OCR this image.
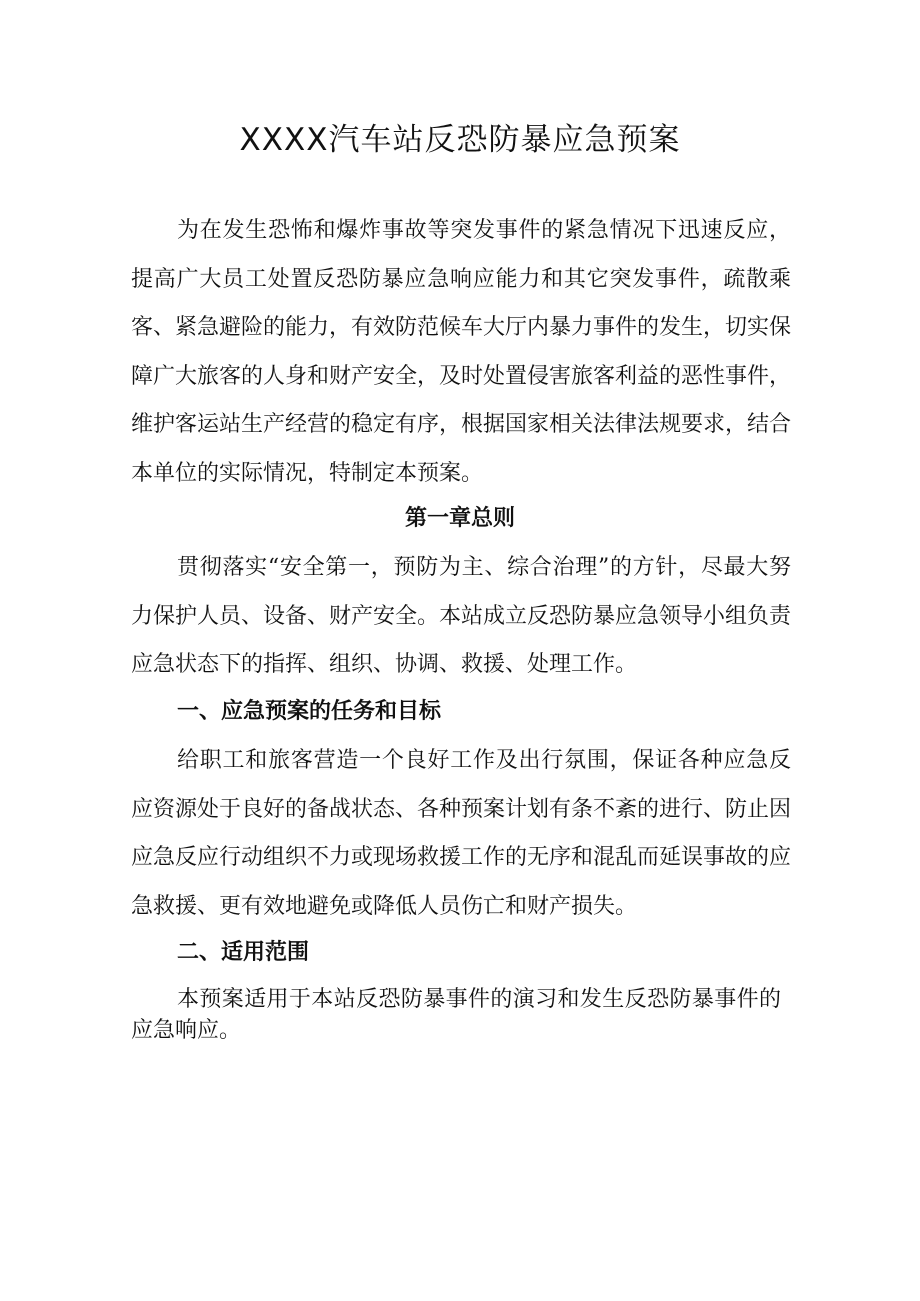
XXXX汽车站反恐防暴应急预案

为在发生恐怖和爆炸事故等突发事件的紧急情况下迅速反应，提高广大员工处置反恐防暴应急响应能力和其它突发事件，疏散乘客、紧急避险的能力，有效防范候车大厅内暴力事件的发生，切实保障广大旅客的人身和财产安全，及时处置侵害旅客利益的恶性事件，维护客运站生产经营的稳定有序，根据国家相关法律法规要求，结合本单位的实际情况，特制定本预案。

第一章总则

贯彻落实“安全第一，预防为主、综合治理”的方针，尽最大努力保护人员、设备、财产安全。本站成立反恐防暴应急领导小组负责应急状态下的指挥、组织、协调、救援、处理工作。

一、应急预案的任务和目标

给职工和旅客营造一个良好工作及出行氛围，保证各种应急反应资源处于良好的备战状态、各种预案计划有条不紊的进行、防止因应急反应行动组织不力或现场救援工作的无序和混乱而延误事故的应急救援、更有效地避免或降低人员伤亡和财产损失。

二、适用范围

本预案适用于本站反恐防暴事件的演习和发生反恐防暴事件的应急响应。
